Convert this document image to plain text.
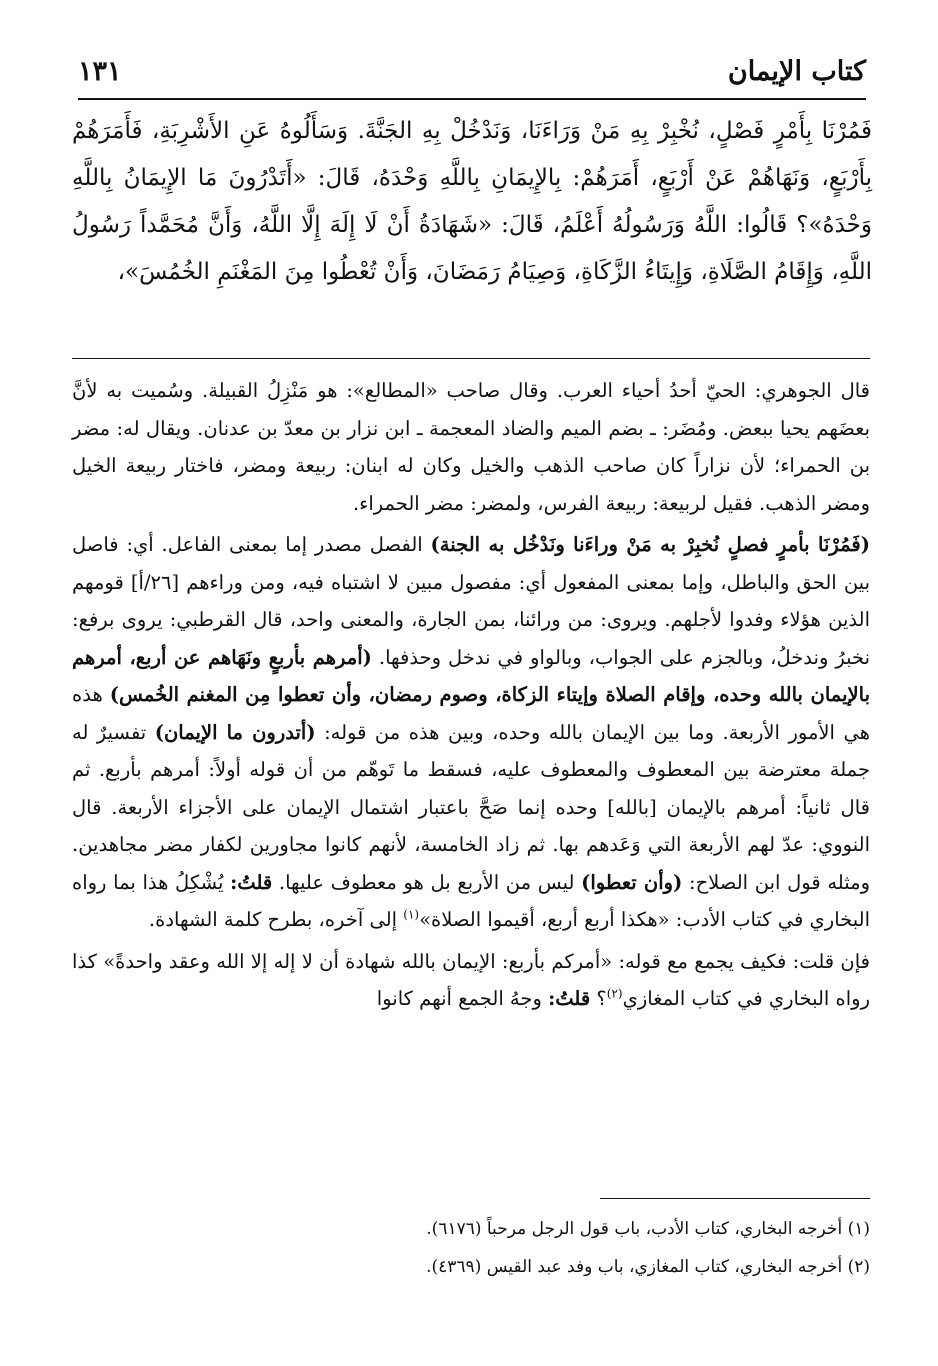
كتاب الإيمان
١٣١

فَمُرْنَا بِأَمْرٍ فَصْلٍ، نُخْبِرْ بِهِ مَنْ وَرَاءَنَا، وَنَدْخُلْ بِهِ الجَنَّةَ. وَسَأَلُوهُ عَنِ الأَشْرِبَةِ، فَأَمَرَهُمْ بِأَرْبَعٍ، وَنَهَاهُمْ عَنْ أَرْبَعٍ، أَمَرَهُمْ: بِالإِيمَانِ بِاللَّهِ وَحْدَهُ، قَالَ: «أَتَدْرُونَ مَا الإِيمَانُ بِاللَّهِ وَحْدَهُ»؟ قَالُوا: اللَّهُ وَرَسُولُهُ أَعْلَمُ، قَالَ: «شَهَادَةُ أَنْ لَا إِلَهَ إِلَّا اللَّهُ، وَأَنَّ مُحَمَّداً رَسُولُ اللَّهِ، وَإِقَامُ الصَّلَاةِ، وَإِيتَاءُ الزَّكَاةِ، وَصِيَامُ رَمَضَانَ، وَأَنْ تُعْطُوا مِنَ المَغْنَمِ الخُمُسَ»،

قال الجوهري: الحيّ أحدُ أحياء العرب. وقال صاحب «المطالع»: هو مَنْزِلُ القبيلة. وسُميت به لأنَّ بعضَهم يحيا ببعض. ومُضَر: ـ بضم الميم والضاد المعجمة ـ ابن نزار بن معدّ بن عدنان. ويقال له: مضر بن الحمراء؛ لأن نزاراً كان صاحب الذهب والخيل وكان له ابنان: ربيعة ومضر، فاختار ربيعة الخيل ومضر الذهب. فقيل لربيعة: ربيعة الفرس، ولمضر: مضر الحمراء.

(فَمُرْنَا بأمرٍ فصلٍ نُخبِرْ به مَنْ وراءَنا ونَدْخُل به الجنة) الفصل مصدر إما بمعنى الفاعل. أي: فاصل بين الحق والباطل، وإما بمعنى المفعول أي: مفصول مبين لا اشتباه فيه، ومن وراءهم [٢٦/أ] قومهم الذين هؤلاء وفدوا لأجلهم. ويروى: من ورائنا، بمن الجارة، والمعنى واحد، قال القرطبي: يروى برفع: نخبرُ وندخلُ، وبالجزم على الجواب، وبالواو في ندخل وحذفها. (أمرهم بأربعٍ ونَهَاهم عن أربع، أمرهم بالإيمان بالله وحده، وإقام الصلاة وإيتاء الزكاة، وصوم رمضان، وأن تعطوا مِن المغنم الخُمس) هذه هي الأمور الأربعة. وما بين الإيمان بالله وحده، وبين هذه من قوله: (أتدرون ما الإيمان) تفسيرٌ له جملة معترضة بين المعطوف والمعطوف عليه، فسقط ما تَوهّم من أن قوله أولاً: أمرهم بأربع. ثم قال ثانياً: أمرهم بالإيمان [بالله] وحده إنما صَحَّ باعتبار اشتمال الإيمان على الأجزاء الأربعة. قال النووي: عدّ لهم الأربعة التي وَعَدهم بها. ثم زاد الخامسة، لأنهم كانوا مجاورين لكفار مضر مجاهدين. ومثله قول ابن الصلاح: (وأن تعطوا) ليس من الأربع بل هو معطوف عليها. قلتُ: يُشْكِلُ هذا بما رواه البخاري في كتاب الأدب: «هكذا أربع أربع، أقيموا الصلاة»$^{(١)}$ إلى آخره، بطرح كلمة الشهادة.

فإن قلت: فكيف يجمع مع قوله: «أمركم بأربع: الإيمان بالله شهادة أن لا إله إلا الله وعقد واحدةً» كذا رواه البخاري في كتاب المغازي$^{(٢)}$؟ قلتُ: وجهُ الجمع أنهم كانوا

(١) أخرجه البخاري، كتاب الأدب، باب قول الرجل مرحباً (٦١٧٦).

(٢) أخرجه البخاري، كتاب المغازي، باب وفد عبد القيس (٤٣٦٩).
